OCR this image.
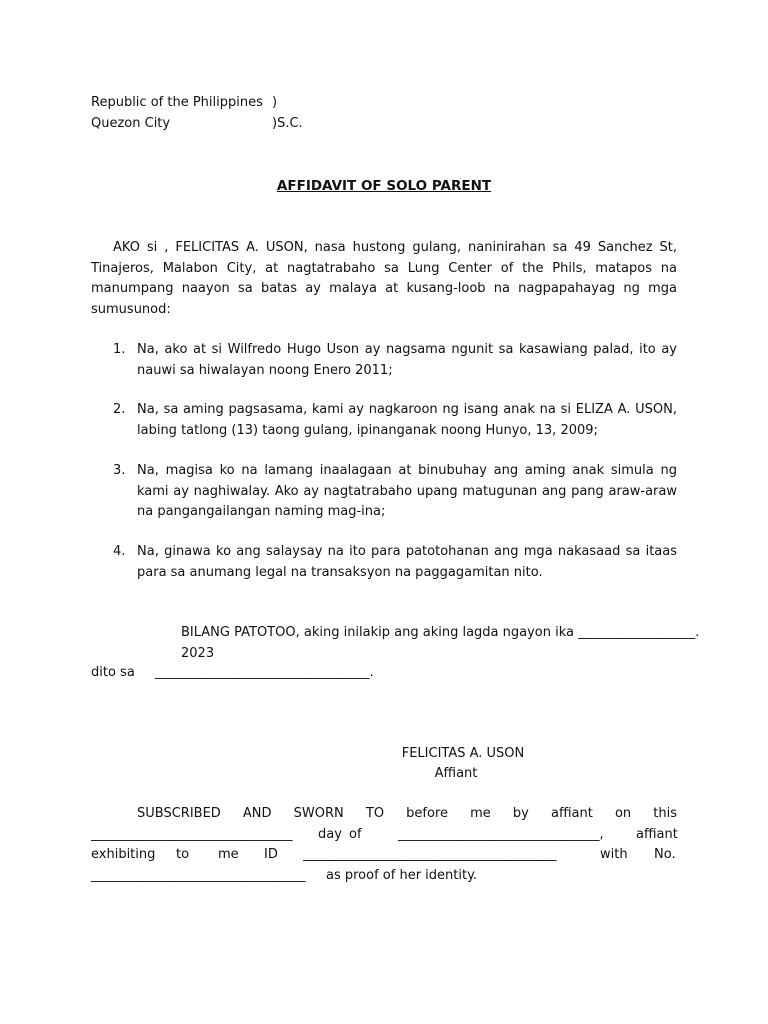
Republic of the Philippines )
Quezon City	)S.C.
AFFIDAVIT OF SOLO PARENT
AKO si , FELICITAS A. USON, nasa hustong gulang, naninirahan sa 49 Sanchez St, Tinajeros, Malabon City, at nagtatrabaho sa Lung Center of the Phils, matapos na manumpang naayon sa batas ay malaya at kusang-loob na nagpapahayag ng mga sumusunod:
1. Na, ako at si Wilfredo Hugo Uson ay nagsama ngunit sa kasawiang palad, ito ay nauwi sa hiwalayan noong Enero 2011;
2. Na, sa aming pagsasama, kami ay nagkaroon ng isang anak na si ELIZA A. USON, labing tatlong (13) taong gulang, ipinanganak noong Hunyo, 13, 2009;
3. Na, magisa ko na lamang inaalagaan at binubuhay ang aming anak simula ng kami ay naghiwalay. Ako ay nagtatrabaho upang matugunan ang pang araw-araw na pangangailangan naming mag-ina;
4. Na, ginawa ko ang salaysay na ito para patotohanan ang mga nakasaad sa itaas para sa anumang legal na transaksyon na paggagamitan nito.
BILANG PATOTOO, aking inilakip ang aking lagda ngayon ika __________________.
2023
dito sa _________________________________.
FELICITAS A. USON
Affiant
SUBSCRIBED AND SWORN TO before me by affiant on this
_______________________________ day of	_______________________________, affiant
exhibiting to me ID _______________________________________	with No.
_________________________________ as proof of her identity.
